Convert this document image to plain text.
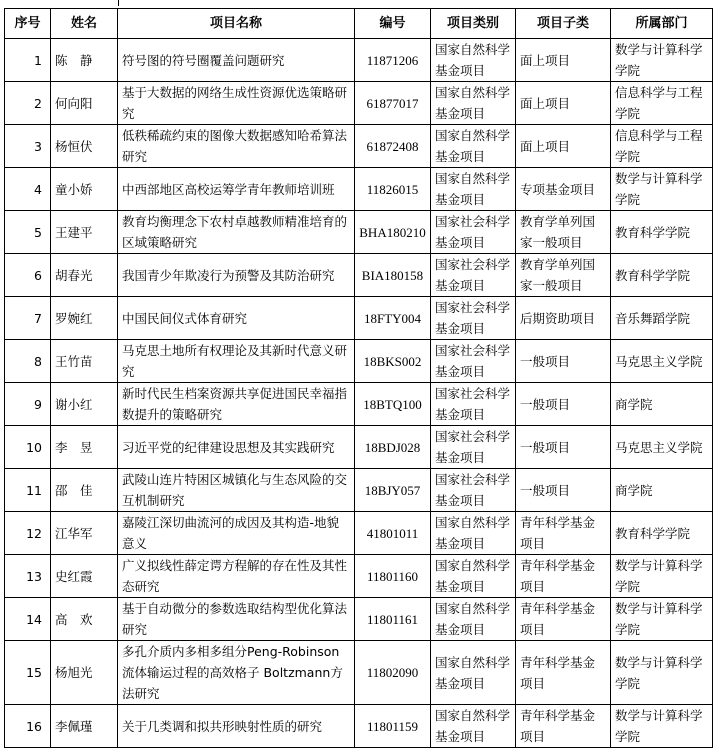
序号	姓名	项目名称	编号	项目类别	项目子类	所属部门
1	陈　静	符号图的符号圈覆盖问题研究	11871206	国家自然科学基金项目	面上项目	数学与计算科学学院
2	何向阳	基于大数据的网络生成性资源优选策略研究	61877017	国家自然科学基金项目	面上项目	信息科学与工程学院
3	杨恒伏	低秩稀疏约束的图像大数据感知哈希算法研究	61872408	国家自然科学基金项目	面上项目	信息科学与工程学院
4	童小娇	中西部地区高校运筹学青年教师培训班	11826015	国家自然科学基金项目	专项基金项目	数学与计算科学学院
5	王建平	教育均衡理念下农村卓越教师精准培育的区域策略研究	BHA180210	国家社会科学基金项目	教育学单列国家一般项目	教育科学学院
6	胡春光	我国青少年欺凌行为预警及其防治研究	BIA180158	国家社会科学基金项目	教育学单列国家一般项目	教育科学学院
7	罗婉红	中国民间仪式体育研究	18FTY004	国家社会科学基金项目	后期资助项目	音乐舞蹈学院
8	王竹苗	马克思土地所有权理论及其新时代意义研究	18BKS002	国家社会科学基金项目	一般项目	马克思主义学院
9	谢小红	新时代民生档案资源共享促进国民幸福指数提升的策略研究	18BTQ100	国家社会科学基金项目	一般项目	商学院
10	李　昱	习近平党的纪律建设思想及其实践研究	18BDJ028	国家社会科学基金项目	一般项目	马克思主义学院
11	邵　佳	武陵山连片特困区城镇化与生态风险的交互机制研究	18BJY057	国家社会科学基金项目	一般项目	商学院
12	江华军	嘉陵江深切曲流河的成因及其构造-地貌意义	41801011	国家自然科学基金项目	青年科学基金项目	教育科学学院
13	史红霞	广义拟线性薛定谔方程解的存在性及其性态研究	11801160	国家自然科学基金项目	青年科学基金项目	数学与计算科学学院
14	高　欢	基于自动微分的参数选取结构型优化算法研究	11801161	国家自然科学基金项目	青年科学基金项目	数学与计算科学学院
15	杨旭光	多孔介质内多相多组分Peng-Robinson流体输运过程的高效格子 Boltzmann方法研究	11802090	国家自然科学基金项目	青年科学基金项目	数学与计算科学学院
16	李佩瑾	关于几类调和拟共形映射性质的研究	11801159	国家自然科学基金项目	青年科学基金项目	数学与计算科学学院
